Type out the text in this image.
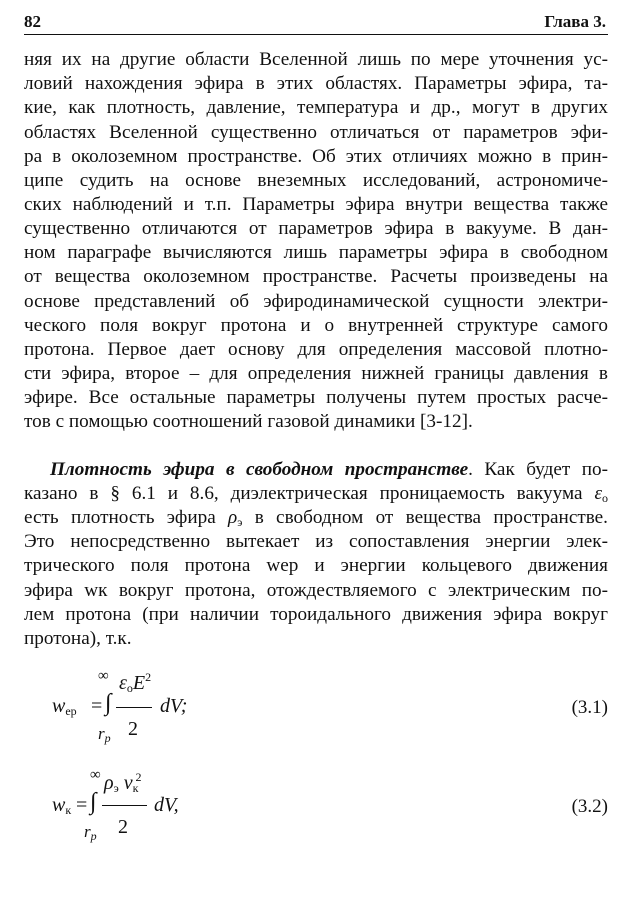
82	Глава 3.
няя их на другие области Вселенной лишь по мере уточнения ус-
ловий нахождения эфира в этих областях. Параметры эфира, та-
кие, как плотность, давление, температура и др., могут в других
областях Вселенной существенно отличаться от параметров эфи-
ра в околоземном пространстве. Об этих отличиях можно в прин-
ципе судить на основе внеземных исследований, астрономиче-
ских наблюдений и т.п. Параметры эфира внутри вещества также
существенно отличаются от параметров эфира в вакууме. В дан-
ном параграфе вычисляются лишь параметры эфира в свободном
от вещества околоземном пространстве. Расчеты произведены на
основе представлений об эфиродинамической сущности электри-
ческого поля вокруг протона и о внутренней структуре самого
протона. Первое дает основу для определения массовой плотно-
сти эфира, второе – для определения нижней границы давления в
эфире. Все остальные параметры получены путем простых расче-
тов с помощью соотношений газовой динамики [3-12].
Плотность эфира в свободном пространстве. Как будет по-
казано в § 6.1 и 8.6, диэлектрическая проницаемость вакуума $\varepsilon_о$
есть плотность эфира $\rho_э$ в свободном от вещества пространстве.
Это непосредственно вытекает из сопоставления энергии элек-
трического поля протона wep и энергии кольцевого движения
эфира wк вокруг протона, отождествляемого с электрическим по-
лем протона (при наличии тороидального движения эфира вокруг
протона), т.к.
$w_{ep}$ =
∞
∫
$r_p$
$\varepsilon_оE^2$
2
dV;	(3.1)
$w_к$ =
∞
∫
$r_p$
$\rho_э$ $v_к^2$
2
dV,	(3.2)
